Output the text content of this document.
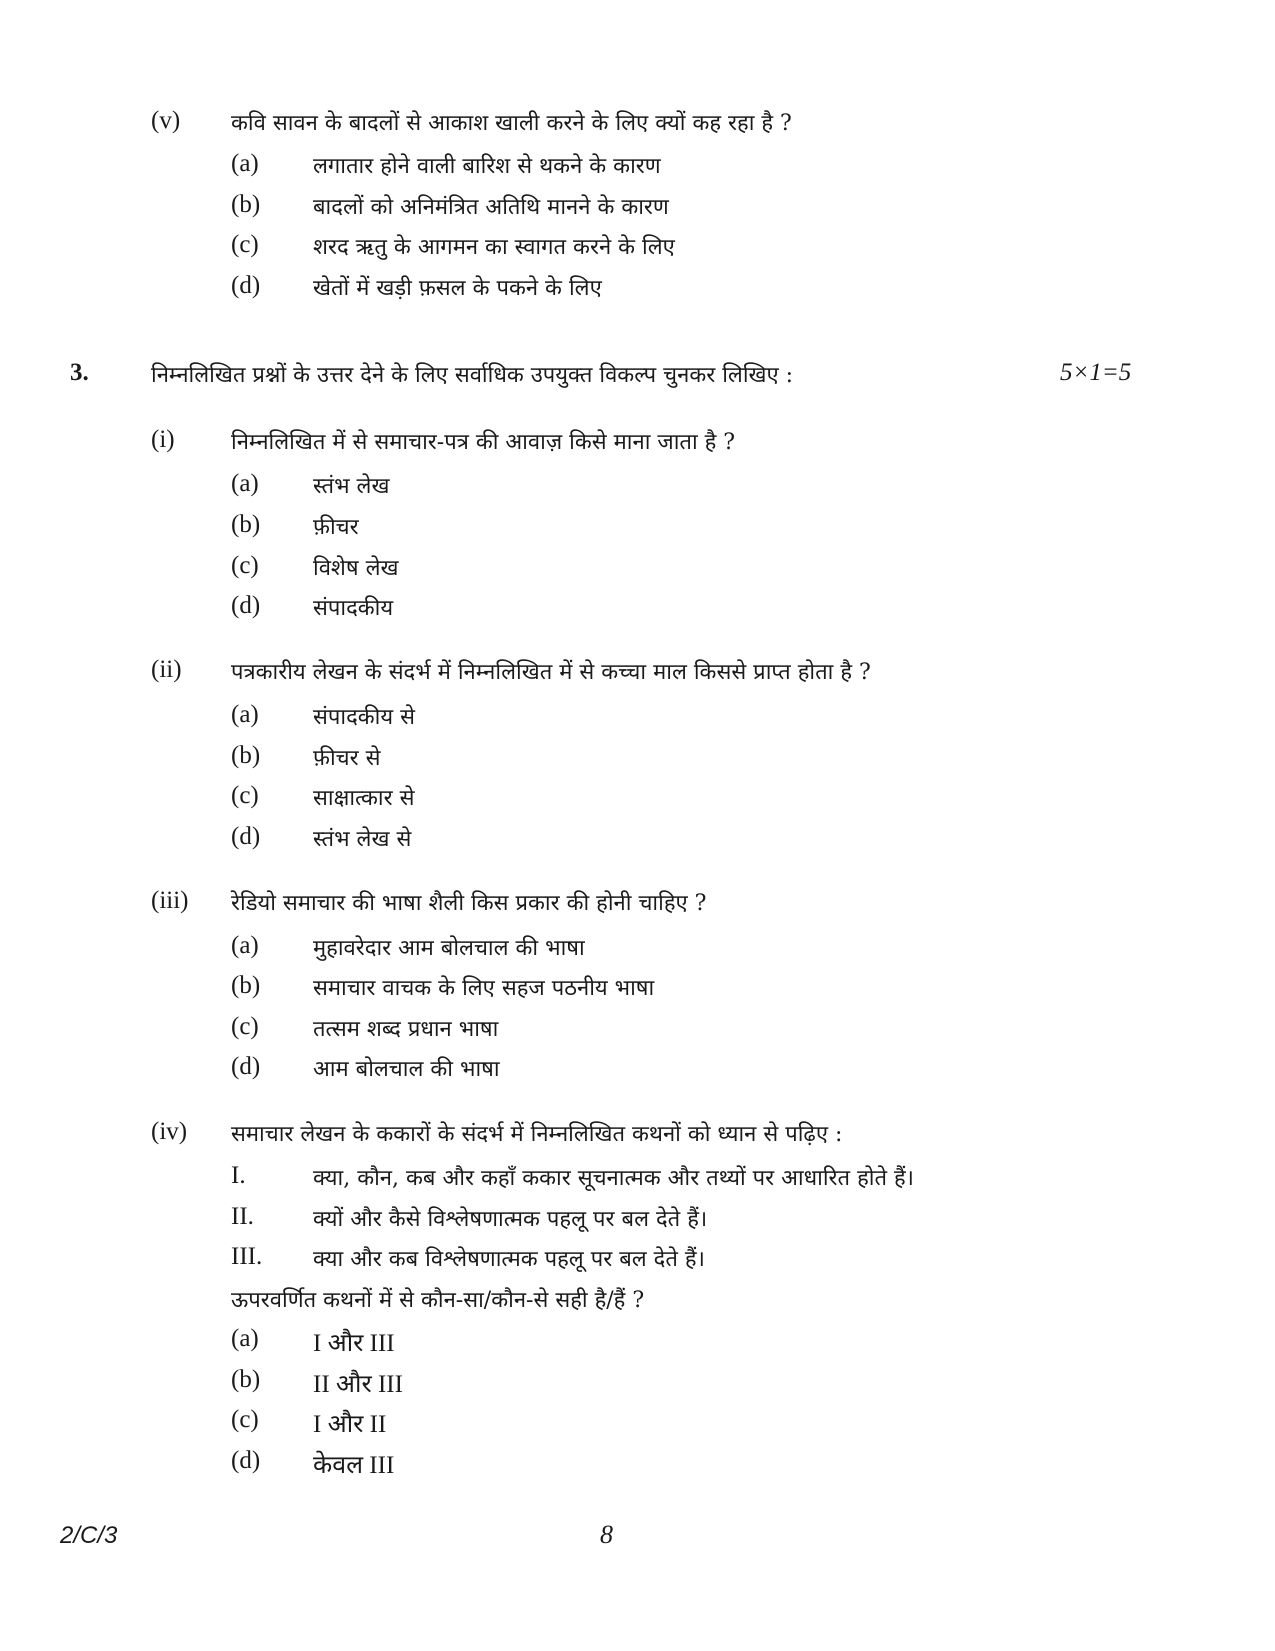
(v) कवि सावन के बादलों से आकाश खाली करने के लिए क्यों कह रहा है ?
(a) लगातार होने वाली बारिश से थकने के कारण
(b) बादलों को अनिमंत्रित अतिथि मानने के कारण
(c) शरद ऋतु के आगमन का स्वागत करने के लिए
(d) खेतों में खड़ी फ़सल के पकने के लिए
3.	निम्नलिखित प्रश्नों के उत्तर देने के लिए सर्वाधिक उपयुक्त विकल्प चुनकर लिखिए :	5×1=5
(i)	निम्नलिखित में से समाचार-पत्र की आवाज़ किसे माना जाता है ?
(a) स्तंभ लेख
(b) फ़ीचर
(c) विशेष लेख
(d) संपादकीय
(ii) पत्रकारीय लेखन के संदर्भ में निम्नलिखित में से कच्चा माल किससे प्राप्त होता है ?
(a) संपादकीय से
(b) फ़ीचर से
(c) साक्षात्कार से
(d) स्तंभ लेख से
(iii) रेडियो समाचार की भाषा शैली किस प्रकार की होनी चाहिए ?
(a) मुहावरेदार आम बोलचाल की भाषा
(b) समाचार वाचक के लिए सहज पठनीय भाषा
(c) तत्सम शब्द प्रधान भाषा
(d) आम बोलचाल की भाषा
(iv) समाचार लेखन के ककारों के संदर्भ में निम्नलिखित कथनों को ध्यान से पढ़िए :
I.	क्या, कौन, कब और कहाँ ककार सूचनात्मक और तथ्यों पर आधारित होते हैं।
II.	क्यों और कैसे विश्लेषणात्मक पहलू पर बल देते हैं।
III. क्या और कब विश्लेषणात्मक पहलू पर बल देते हैं।
ऊपरवर्णित कथनों में से कौन-सा/कौन-से सही है/हैं ?
(a) I और III
(b) II और III
(c) I और II
(d) केवल III
2/C/3	8
